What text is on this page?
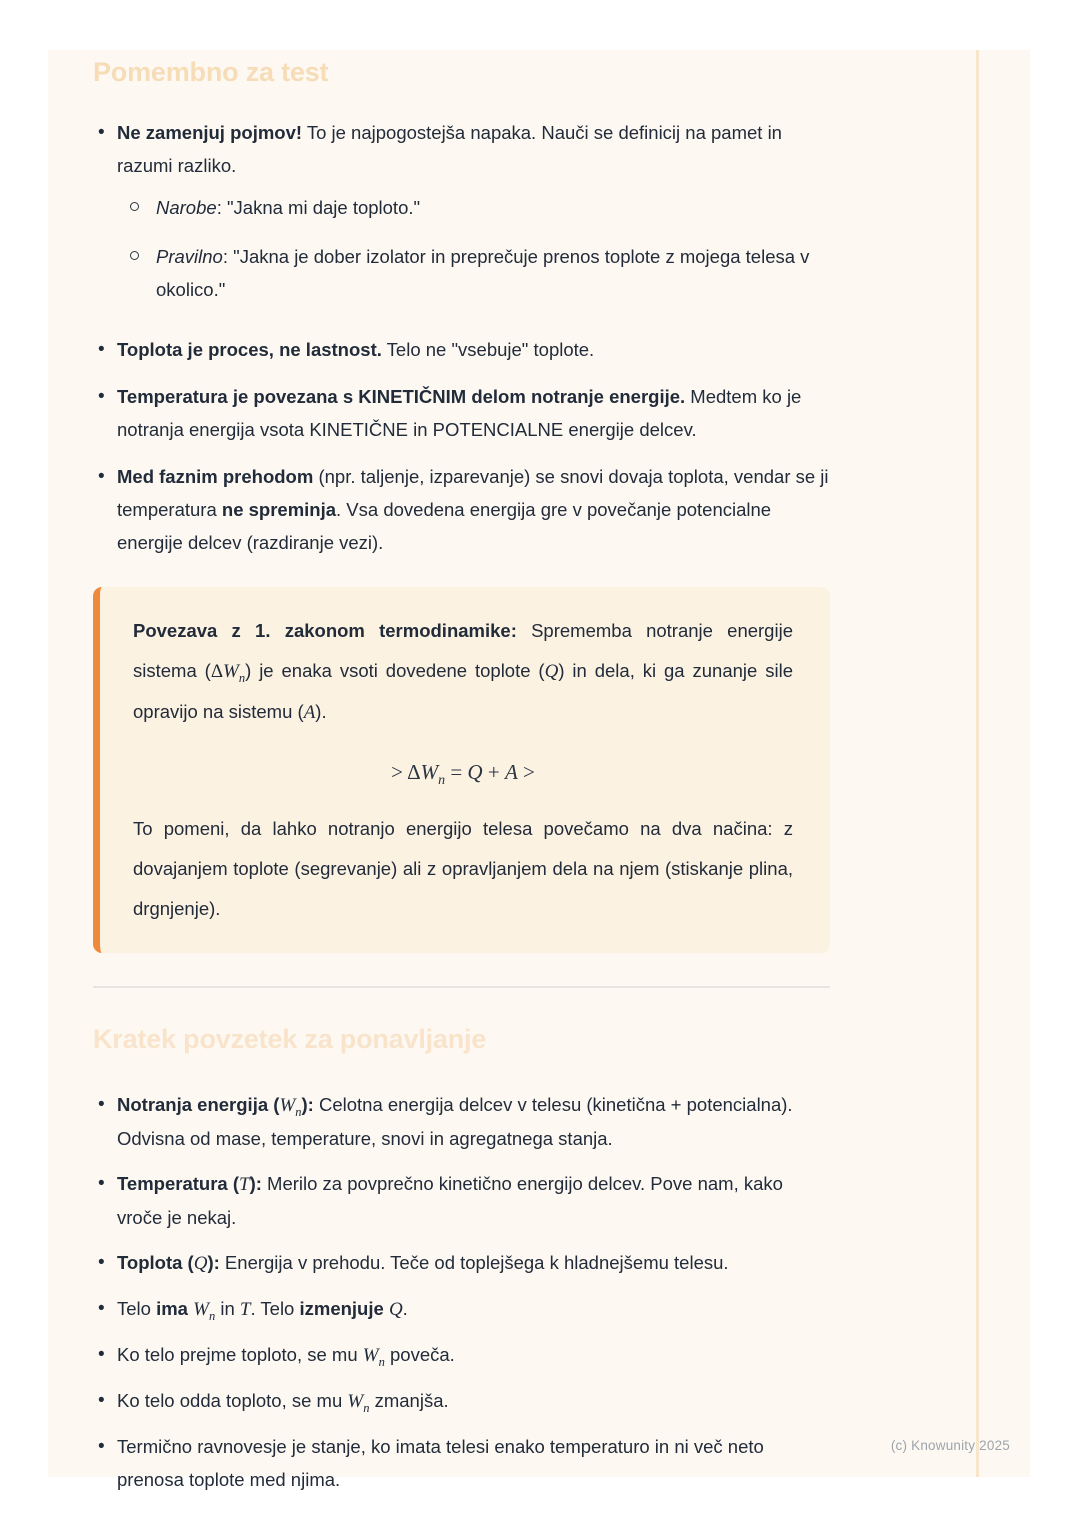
Pomembno za test
• Ne zamenjuj pojmov! To je najpogostejša napaka. Nauči se definicij na pamet in razumi razliko.
Narobe: "Jakna mi daje toploto."
Pravilno: "Jakna je dober izolator in preprečuje prenos toplote z mojega telesa v okolico."
• Toplota je proces, ne lastnost. Telo ne "vsebuje" toplote.
• Temperatura je povezana s KINETIČNIM delom notranje energije. Medtem ko je notranja energija vsota KINETIČNE in POTENCIALNE energije delcev.
• Med faznim prehodom (npr. taljenje, izparevanje) se snovi dovaja toplota, vendar se ji temperatura ne spreminja. Vsa dovedena energija gre v povečanje potencialne energije delcev (razdiranje vezi).

Povezava z 1. zakonom termodinamike: Sprememba notranje energije sistema $(\Delta W_n)$ je enaka vsoti dovedene toplote (Q) in dela, ki ga zunanje sile opravijo na sistemu (A).

> $\Delta W_n = Q + A$ >

To pomeni, da lahko notranjo energijo telesa povečamo na dva načina: z dovajanjem toplote (segrevanje) ali z opravljanjem dela na njem (stiskanje plina, drgnjenje).

Kratek povzetek za ponavljanje
• Notranja energija $(W_n)$: Celotna energija delcev v telesu (kinetična + potencialna). Odvisna od mase, temperature, snovi in agregatnega stanja.
• Temperatura (T): Merilo za povprečno kinetično energijo delcev. Pove nam, kako vroče je nekaj.
• Toplota (Q): Energija v prehodu. Teče od toplejšega k hladnejšemu telesu.
• Telo ima $W_n$ in T. Telo izmenjuje Q.
• Ko telo prejme toploto, se mu $W_n$ poveča.
• Ko telo odda toploto, se mu $W_n$ zmanjša.
• Termično ravnovesje je stanje, ko imata telesi enako temperaturo in ni več neto prenosa toplote med njima.
(c) Knowunity 2025
